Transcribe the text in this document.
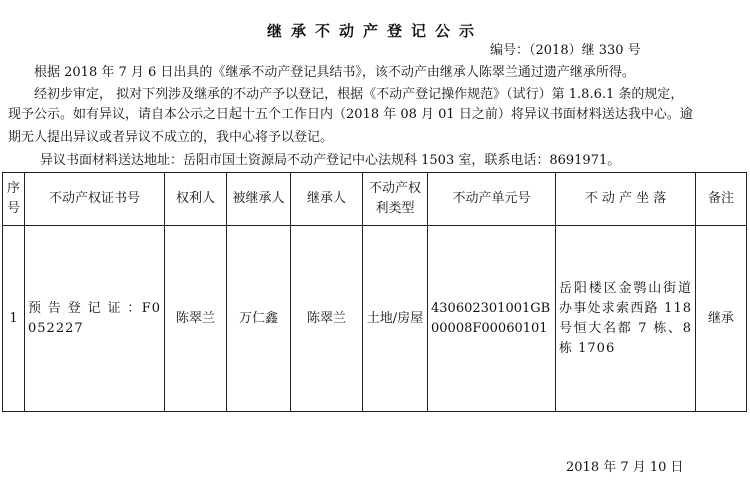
继承不动产登记公示
编号：（2018）继 330 号
根据 2018 年 7 月 6 日出具的《继承不动产登记具结书》，该不动产由继承人陈翠兰通过遗产继承所得。
经初步审定， 拟对下列涉及继承的不动产予以登记，根据《不动产登记操作规范》（试行）第 1.8.6.1 条的规定，
现予公示。如有异议，请自本公示之日起十五个工作日内（2018 年 08 月 01 日之前）将异议书面材料送达我中心。逾
期无人提出异议或者异议不成立的，我中心将予以登记。
异议书面材料送达地址：岳阳市国土资源局不动产登记中心法规科 1503 室，联系电话：8691971。
序号	不动产权证书号	权利人	被继承人	继承人	不动产权利类型	不动产单元号	不 动 产 坐 落	备注
1	预 告 登 记 证 ：F0052227	陈翠兰	万仁鑫	陈翠兰	土地/房屋	430602301001GB00008F00060101	岳阳楼区金鹗山街道办事处求索西路 118 号恒大名都 7 栋、8 栋 1706	继承
2018 年 7 月 10 日
